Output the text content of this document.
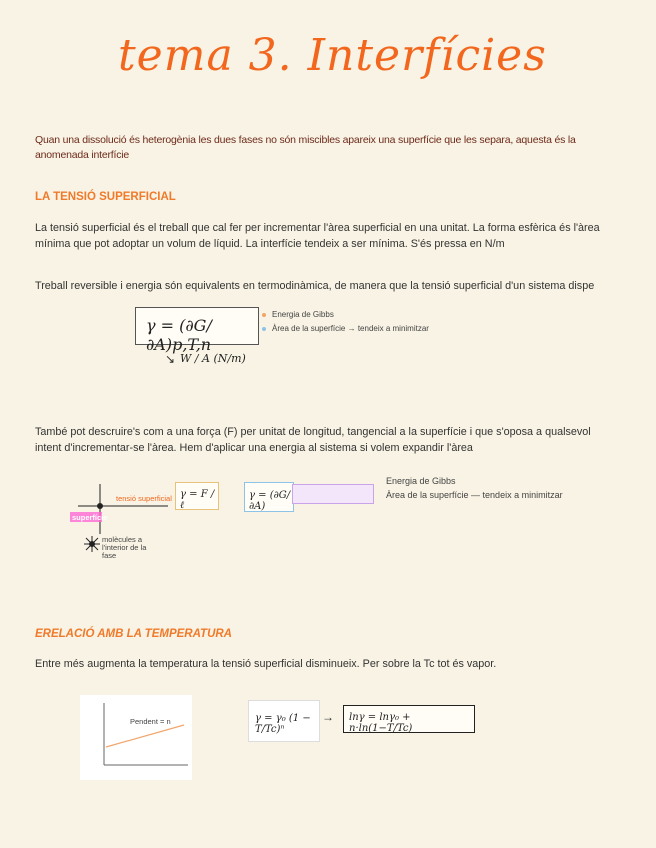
tema 3. Interfícies
Quan una dissolució és heterogènia les dues fases no són miscibles apareix una superfície que les separa, aquesta és la anomenada interfície
LA TENSIÓ SUPERFICIAL
La tensió superficial és el treball que cal fer per incrementar l'àrea superficial en una unitat. La forma esfèrica és l'àrea mínima que pot adoptar un volum de líquid. La interfície tendeix a ser mínima. S'és pressa en N/m
Treball reversible i energia són equivalents en termodinàmica, de manera que la tensió superficial d'un sistema dispe
γ = (∂G/∂A)p,T,n
W / A (N/m)
↘
Energia de Gibbs
Àrea de la superfície → tendeix a minimitzar
També pot descruire's com a una força (F) per unitat de longitud, tangencial a la superfície i que s'oposa a qualsevol intent d'incrementar-se l'àrea. Hem d'aplicar una energia al sistema si volem expandir l'àrea
tensió superficial
superfície
molècules a l'interior de la fase
γ = F / ℓ
γ = (∂G/∂A)
Energia de Gibbs
Àrea de la superfície — tendeix a minimitzar
ERELACIÓ AMB LA TEMPERATURA
Entre més augmenta la temperatura la tensió superficial disminueix. Per sobre la Tc tot és vapor.
Pendent = n	γ = γ₀ (1 − T/Tc)ⁿ
→ lnγ = lnγ₀ + n·ln(1−T/Tc)
